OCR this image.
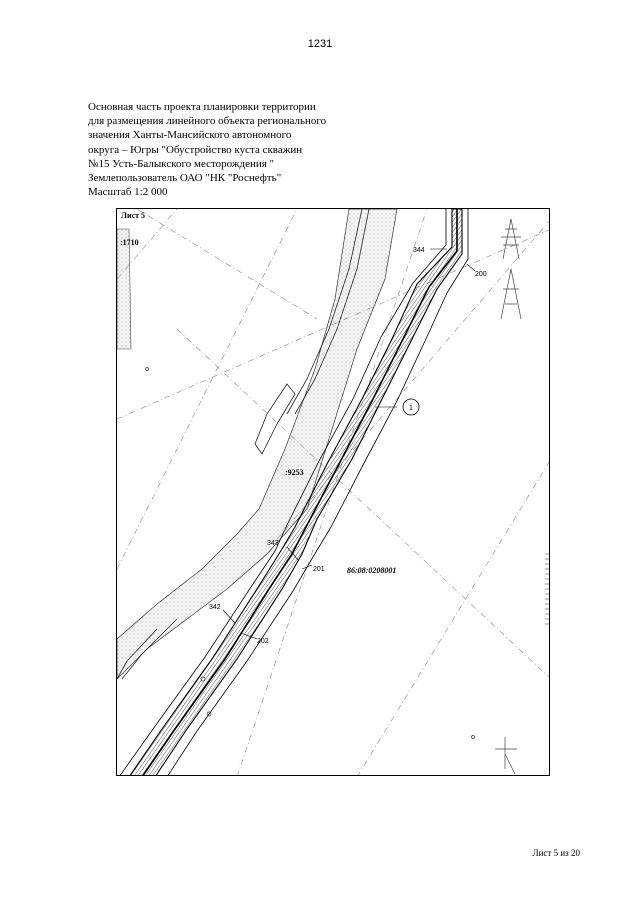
1231
Основная часть проекта планировки территории
для размещения линейного объекта регионального
значения Ханты-Мансийского автономного
округа – Югры "Обустройство куста скважин
№15 Усть-Балыкского месторождения "
Землепользователь ОАО "НК "Роснефть"
Масштаб 1:2 000
1
Лист 5
:1710
:9253
86:08:0208001
344
200
343
201
342
202
Лист 5 из 20
